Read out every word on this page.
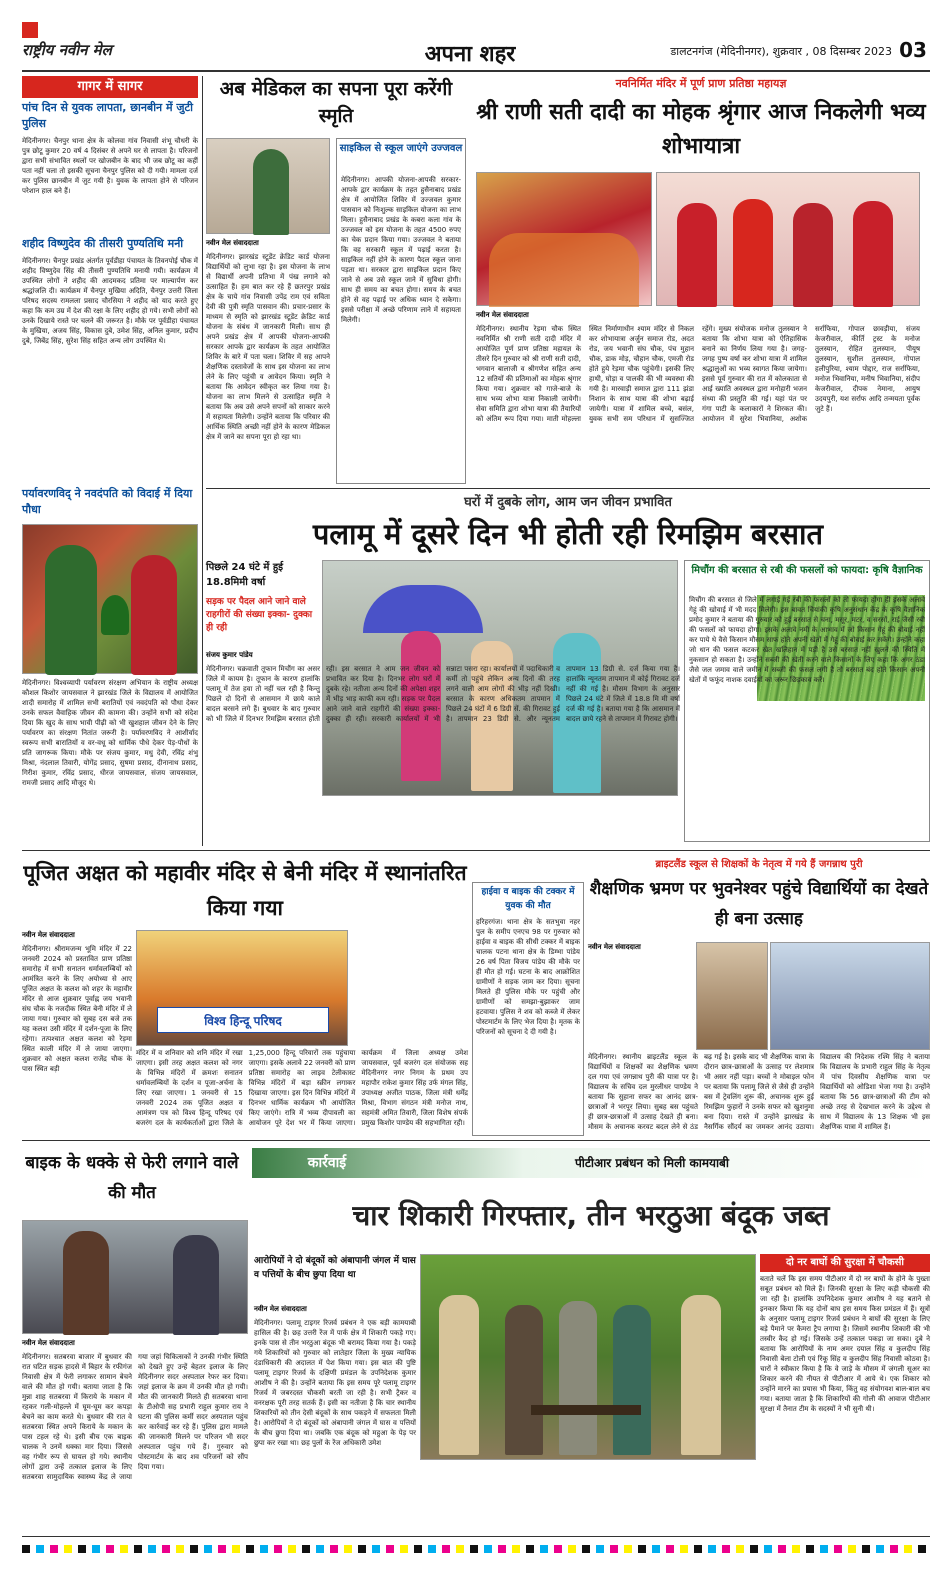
राष्ट्रीय नवीन मेल	अपना शहर	डालटनगंज (मेदिनीनगर), शुक्रवार , 08 दिसम्बर 2023 03
गागर में सागर
पांच दिन से युवक लापता, छानबीन में जुटी पुलिस
मेदिनीनगर। चैनपुर थाना क्षेत्र के कोलवा गांव निवासी शंभू चौधरी के पुत्र छोटू कुमार 20 वर्ष 4 दिसंबर से अपने घर से लापता है। परिजनों द्वारा सभी संभावित स्थलों पर खोजबीन के बाद भी जब छोटू का कहीं पता नहीं चला तो इसकी सूचना चैनपुर पुलिस को दी गयी। मामला दर्ज कर पुलिस छानबीन में जुट गयी है। युवक के लापता होने से परिजन परेशान हाल बने हैं।
शहीद विष्णुदेव की तीसरी पुण्यतिथि मनी
मेदिनीनगर। चैनपुर प्रखंड अंतर्गत पूर्वडीहा पंचायत के तिवनपोई चौक में शहीद विष्णुदेव सिंह की तीसरी पुण्यतिथि मनायी गयी। कार्यक्रम में उपस्थित लोगों ने शहीद की आदमकद प्रतिमा पर माल्यार्पण कर श्रद्धांजलि दी। कार्यक्रम में चैनपुर मुखिया अदिति, चैनपुर उत्तरी जिला परिषद सदस्य रामलला प्रसाद चौरसिया ने शहीद को याद करते हुए कहा कि कम उम्र में देश की रक्षा के लिए शहीद हो गये। सभी लोगों को उनके दिखाये रास्ते पर चलने की जरूरत है। मौके पर पूर्वडीहा पंचायत के मुखिया, अजय सिंह, विकास दुबे, उमेश सिंह, अनिल कुमार, प्रदीप दुबे, जिबेंद्र सिंह, सुरेश सिंह सहित अन्य लोग उपस्थित थे।
पर्यावरणविद् ने नवदंपति को विदाई में दिया पौधा
मेदिनीनगर। विश्वव्यापी पर्यावरण संरक्षण अभियान के राष्ट्रीय अध्यक्ष कौशल किशोर जायसवाल ने झारखंड जिले के विद्यालय में आयोजित शादी समारोह में शामिल सभी बरातियों एवं नवदंपति को पौधा देकर उनके सफल वैवाहिक जीवन की कामना की। उन्होंने सभी को संदेश दिया कि खुद के साथ भावी पीढ़ी को भी खुशहाल जीवन देने के लिए पर्यावरण का संरक्षण नितांत जरूरी है। पर्यावरणविद ने आशीर्वाद स्वरूप सभी बारातियों व वर-वधू को धार्मिक पौधे देकर पेड़-पौधों के प्रति जागरूक किया। मौके पर संजय कुमार, मधु देवी, रविंद्र शंभु मिश्रा, नंदलाल तिवारी, योगेंद्र प्रसाद, सुषमा प्रसाद, दीनानाथ प्रसाद, गिरीश कुमार, रविंद्र प्रसाद, धीरज जायसवाल, संजय जायसवाल, रामजी प्रसाद आदि मौजूद थे।
अब मेडिकल का सपना पूरा करेंगी स्मृति
नवीन मेल संवाददाता
मेदिनीनगर। झारखंड स्टूडेंट क्रेडिट कार्ड योजना विद्यार्थियों को लुभा रहा है। इस योजना के लाभ से विद्यार्थी अपनी प्रतिभा में पंख लगाने को उत्साहित हैं। हम बात कर रहे हैं छतरपुर प्रखंड क्षेत्र के चाये गांव निवासी उपेंद्र राम एवं सविता देवी की पुत्री स्मृति पासवान की। प्रचार-प्रसार के माध्यम से स्मृति को झारखंड स्टूडेंट क्रेडिट कार्ड योजना के संबंध में जानकारी मिली। साथ ही अपने प्रखंड क्षेत्र में आपकी योजना-आपकी सरकार आपके द्वार कार्यक्रम के तहत आयोजित शिविर के बारे में पता चला। शिविर में सह आपने शैक्षणिक दस्तावेजों के साथ इस योजना का लाभ लेने के लिए पहुंची व आवेदन किया। स्मृति ने बताया कि आवेदन स्वीकृत कर लिया गया है। योजना का लाभ मिलने से उत्साहित स्मृति ने बताया कि अब उसे अपने सपनों को साकार करने में सहायता मिलेगी। उन्होंने बताया कि परिवार की आर्थिक स्थिति अच्छी नहीं होने के कारण मेडिकल क्षेत्र में जाने का सपना पूरा हो रहा था।
साइकिल से स्कूल जाएंगे उज्जवल
मेदिनीनगर। आपकी योजना-आपकी सरकार-आपके द्वार कार्यक्रम के तहत हुसैनाबाद प्रखंड क्षेत्र में आयोजित शिविर में उज्जवल कुमार पासवान को निःशुल्क साइकिल योजना का लाभ मिला। हुसैनाबाद प्रखंड के कबरा कला गांव के उज्जवल को इस योजना के तहत 4500 रुपए का चेक प्रदान किया गया। उज्जवल ने बताया कि वह सरकारी स्कूल में पढ़ाई करता है। साइकिल नहीं होने के कारण पैदल स्कूल जाना पड़ता था। सरकार द्वारा साइकिल प्रदान किए जाने से अब उसे स्कूल जाने में सुविधा होगी। साथ ही समय का बचत होगा। समय के बचत होने से वह पढ़ाई पर अधिक ध्यान दे सकेगा। इससे परीक्षा में अच्छे परिणाम लाने में सहायता मिलेगी।
नवनिर्मित मंदिर में पूर्ण प्राण प्रतिष्ठा महायज्ञ
श्री राणी सती दादी का मोहक श्रृंगार आज निकलेगी भव्य शोभायात्रा
नवीन मेल संवाददाता
मेदिनीनगर। स्थानीय रेड़मा चौक स्थित नवनिर्मित श्री राणी सती दादी मंदिर में आयोजित पूर्ण प्राण प्रतिष्ठा महायज्ञ के तीसरे दिन गुरुवार को श्री राणी सती दादी, भगवान बालाजी व श्रीगणेश सहित अन्य 12 सतियों की प्रतिमाओं का मोहक श्रृंगार किया गया। शुक्रवार को गाजे-बाजे के साथ भव्य शोभा यात्रा निकाली जायेगी। सेवा समिति द्वारा शोभा यात्रा की तैयारियों को अंतिम रूप दिया गया। माती मोहल्ला स्थित निर्माणाधीन श्याम मंदिर से निकल कर शोभायात्रा अर्जुन समाज रोड, अदत रोड, जय भवानी संघ चौक, पंच मुहान चौक, डाक मोड़, चौहान चौक, एमजी रोड होते हुये रेड़मा चौक पहुंचेगी। इसकी लिए हाथी, घोड़ा व पालकी की भी व्यवस्था की गयी है। मारवाड़ी समाज द्वारा 111 झंडा निशान के साथ यात्रा की शोभा बढ़ाई जायेगी। यात्रा में शामिल बच्चे, बसंल, युवक सभी सम परिधान में सुसज्जित रहेंगे। मुख्य संयोजक मनोज तुलस्यान ने बताया कि शोभा यात्रा को ऐतिहासिक बनाने का निर्णय लिया गया है। जगह-जगह पुष्प वर्षा कर शोभा यात्रा में शामिल श्रद्धालुओं का भव्य स्वागत किया जायेगा। इससे पूर्व गुरुवार की रात में कोलकाता से आई ख्याति अवस्थल द्वारा मनोहारी भजन संध्या की प्रस्तुति की गई। यहां पंत पर गंगा पाटी के कलाकारों ने शिरकत की। आयोजन में सुरेश भिवानिया, अशोक सर्राफिया, गोपाल छावड़ीया, संजय केजरीवाल, कीर्ति ट्रस्ट के मनोज तुलस्यान, रोहित तुलस्यान, पीयूष तुलस्यान, सुशील तुलस्यान, गोपाल हलीपुरिया, श्याम पोद्दार, राज सर्राफिया, मनोज भिवानिया, मनीष भिवानिया, संदीप केजरीवाल, दीपक नेमाना, आयुष उदयपुरी, यश सर्राफ आदि तन्मयता पूर्वक जुटे हैं।
घरों में दुबके लोग, आम जन जीवन प्रभावित
पलामू में दूसरे दिन भी होती रही रिमझिम बरसात
पिछले 24 घंटे में हुई 18.8मिमी वर्षा
सड़क पर पैदल आने जाने वाले राहगीरों की संख्या इक्का- दुक्का ही रही
संजय कुमार पांडेय
मेदिनीनगर। चक्रवाती तूफान मिचौंग का असर जिले में कायम है। तूफान के कारण हालांकि पलामू में तेज हवा तो नहीं चल रही है किन्तु पिछले दो दिनों से आसमान में छाये काले बादल बरसने लगे हैं। बुधवार के बाद गुरुवार को भी जिले में दिनभर रिमझिम बरसात होती रही। इस बरसात ने आम जन जीवन को प्रभावित कर दिया है। दिनभर लोग घरों में दुबके रहे। नतीजा अन्य दिनों की अपेक्षा शहर में भीड़ भाड़ काफी कम रही। सड़क पर पैदल आने जाने वाले राहगीरों की संख्या इक्का-दुक्का ही रही। सरकारी कार्यालयों में भी सन्नाटा पसरा रहा। कार्यालयों में पदाधिकारी व कर्मी तो पहुंचे लेकिन अन्य दिनों की तरह लगने वाली आम लोगों की भीड़ नहीं दिखी। बरसात के कारण अधिकतम तापमान में पिछले 24 घंटों में 6 डिग्री सें. की गिरावट हुई है। तापमान 23 डिग्री से. और न्यूनतम तापमान 13 डिग्री से. दर्ज किया गया है। हालांकि न्यूनतम तापमान में कोई गिरावट दर्ज नहीं की गई है। मौसम विभाग के अनुसार पिछले 24 घंटे में जिले में 18.8 मि मी वर्षा दर्ज की गई है। बताया गया है कि आसमान में बादल छाये रहने से तापमान में गिरावट होगी।
मिचौंग की बरसात से रबी की फसलों को फायदा: कृषि वैज्ञानिक
मिचौंग की बरसात से जिले में लगाई गई रबी की फसलों को तो फायदा होगा ही इसके अलावे गेहूं की खोवाई में भी मदद मिलेगी। इस बावत चियांकी कृषि अनुसंधान केंद्र के कृषि वैज्ञानिक प्रमोद कुमार ने बताया की गुरुवार को हुई बरसात से चना, मसूर, मटर, व सरसों, राई जैसी रबी की फसलों को फायदा होगा। इसके अलावे नमी के आभाव में जो किसान गेहूं की बोवाई नहीं कर पाये थे वैसे किसान मौसम साफ होते अपनी खेतों में गेहूं की बोवाई कर सकेंगे। उन्होंने कहा जो धान की फसल कटकर खेत खलिहान में पड़ी है उसे बरसात नहीं खुलने की स्थिति में नुकसान हो सकता है। उन्होंने सब्जी की खेती करने वाले किसानों के लिए कहा कि अगर ठंडा जैसे जल जमाव वाले जमीन में सब्जी की फसल लगी है तो बरसात बंद होते किसान अपनी खेतों में फफूंद नाशक दवाईयों का जरूर छिड़काव करें।
पूजित अक्षत को महावीर मंदिर से बेनी मंदिर में स्थानांतरित किया गया
नवीन मेल संवाददाता
मेदिनीनगर। श्रीरामजन्म भूमि मंदिर में 22 जनवरी 2024 को प्रस्तावित प्राण प्रतिष्ठा समारोह में सभी सनातन धर्मावलम्बियों को आमंत्रित करने के लिए अयोध्या से आए पूजित अक्षत के कलश को शहर के महावीर मंदिर से आज शुक्रवार पूर्वाह्न जय भवानी संघ चौक के नजदीक स्थित बेनी मंदिर में ले जाया गया। गुरुवार को सुबह दस बजे तक यह कलश उसी मंदिर में दर्शन-पूजा के लिए रहेगा। तत्पश्चात अक्षत कलश को रेड़मा स्थित काली मंदिर में ले जाया जाएगा। शुक्रवार को अक्षत कलश राजेंद्र चौक के पास स्थित बड़ी
विश्व हिन्दू परिषद
मंदिर में व शनिवार को शनि मंदिर में रखा जाएगा। इसी तरह अक्षत कलश को नगर के विभिन्न मंदिरों में क्रमशः सनातन धर्मावलम्बियों के दर्शन व पूजा-अर्चना के लिए रखा जाएगा। 1 जनवरी से 15 जनवरी 2024 तक पूजित अक्षत व आमंत्रण पत्र को विश्व हिन्दू परिषद एवं बजरंग दल के कार्यकर्ताओं द्वारा जिले के 1,25,000 हिन्दू परिवारों तक पहुंचाया जाएगा। इसके अलावे 22 जनवरी को प्राण प्रतिष्ठा समारोह का लाइव टेलीकास्ट विभिन्न मंदिरों में बड़ा स्क्रीन लगाकर दिखाया जाएगा। इस दिन विभिन्न मंदिरों में दिनभर धार्मिक कार्यक्रम भी आयोजित किए जाएंगे। रात्रि में भव्य दीपावली का आयोजन पूरे देश भर में किया जाएगा। कार्यक्रम में जिला अध्यक्ष उमेश जायसवाल, पूर्व बजरंग दल संयोजक सह मेदिनीनगर नगर निगम के प्रथम उप महापौर राकेश कुमार सिंह उर्फ मंगल सिंह, उपाध्यक्ष अजीत पाठक, जिला मंत्री धर्मेंद्र मिश्रा, विभाग संगठन मंत्री मनोज नाथ, सहमंत्री अमित तिवारी, जिला विशेष संपर्क प्रमुख किशोर पाण्डेय की सहभागिता रही।
हाईवा व बाइक की टक्कर में युवक की मौत
हरिहरगंज। थाना क्षेत्र के सतभुवा नहर पुल के समीप एनएच 98 पर गुरुवार को हाईवा व बाइक की सीधी टक्कर में बाइक चालक पटना थाना क्षेत्र के डिम्भा पांडेय 26 वर्ष पिता विजय पांडेय की मौके पर ही मौत हो गई। घटना के बाद आक्रोशित ग्रामीणों ने सड़क जाम कर दिया। सूचना मिलते ही पुलिस मौके पर पहुंची और ग्रामीणों को समझा-बुझाकर जाम हटवाया। पुलिस ने शव को कब्जे में लेकर पोस्टमार्टम के लिए भेज दिया है। मृतक के परिजनों को सूचना दे दी गयी है।
ब्राइटलैंड स्कूल से शिक्षकों के नेतृत्व में गये हैं जगन्नाथ पुरी
शैक्षणिक भ्रमण पर भुवनेश्वर पहुंचे विद्यार्थियों का देखते ही बना उत्साह
नवीन मेल संवाददाता
मेदिनीनगर। स्थानीय ब्राइटलैंड स्कूल के विद्यार्थियों व शिक्षकों का शैक्षणिक भ्रमण दल गया एवं जगन्नाथ पुरी की यात्रा पर है। विद्यालय के सचिव दल मुरलीधर पाण्डेय ने बताया कि सुहाना सफर का आनंद छात्र-छात्राओं ने भरपूर लिया। सुबह बस पहुंचते ही छात्र-छात्राओं में उत्साह देखते ही बना। मौसम के अचानक करवट बदल लेने से ठंड बढ़ गई है। इसके बाद भी शैक्षणिक यात्रा के दौरान छात्र-छात्राओं के उत्साह पर लेशमात्र भी असर नहीं पड़ा। बच्चों ने मोबाइल फोन पर बताया कि पलामू जिले से जैसे ही उन्होंने बस में ट्रेवलिंग शुरू की, अचानक शुरू हुई रिमझिम फुहारों ने उनके सफर को खुशनुमा बना दिया। रास्ते में उन्होंने झारखंड के नैसर्गिक सौंदर्य का जमकर आनंद उठाया। विद्यालय की निदेशक रश्मि सिंह ने बताया कि विद्यालय के प्रभारी राहुल सिंह के नेतृत्व में पांच दिवसीय शैक्षणिक यात्रा पर विद्यार्थियों को ओडिशा भेजा गया है। उन्होंने बताया कि 56 छात्र-छात्राओं की टीम को अच्छे तरह से देखभाल करने के उद्देश्य से साथ में विद्यालय के 13 शिक्षक भी इस शैक्षणिक यात्रा में शामिल हैं।
बाइक के धक्के से फेरी लगाने वाले की मौत
नवीन मेल संवाददाता
मेदिनीनगर। सतबरवा बाजार में बुधवार की रात घटित सड़क हादसे में बिहार के रफीगंज निवासी क्षेत्र में फेरी लगाकर सामान बेचने वाले की मौत हो गयी। बताया जाता है कि मुन्ना शाह सतबरवा में किराये के मकान में रहकर गली-मोहल्ले में घूम-घूम कर कपड़ा बेचने का काम करते थे। बुधवार की रात वे सतबरवा स्थित अपने किराये के मकान के पास टहल रहे थे। इसी बीच एक बाइक चालक ने उनमें धक्का मार दिया। जिससे वह गंभीर रूप से घायल हो गये। स्थानीय लोगों द्वारा उन्हें तत्काल इलाज के लिए सतबरवा सामुदायिक स्वास्थ्य केंद्र ले जाया गया जहां चिकित्सकों ने उनकी गंभीर स्थिति को देखते हुए उन्हें बेहतर इलाज के लिए मेदिनीनगर सदर अस्पताल रेफर कर दिया। जहां इलाज के क्रम में उनकी मौत हो गयी। मौत की जानकारी मिलते ही सतबरवा थाना के टीओपी सह प्रभारी राहुल कुमार राय ने घटना की पुलिस कर्मी सदर अस्पताल पहुंच कर कार्रवाई कर रहे हैं। पुलिस द्वारा मामले की जानकारी मिलने पर परिजन भी सदर अस्पताल पहुंच गये हैं। गुरुवार को पोस्टमार्टम के बाद शव परिजनों को सौंप दिया गया।
कार्रवाई	पीटीआर प्रबंधन को मिली कामयाबी
चार शिकारी गिरफ्तार, तीन भरठुआ बंदूक जब्त
आरोपियों ने दो बंदूकों को अंबापानी जंगल में घास व पत्तियों के बीच छुपा दिया था
नवीन मेल संवाददाता
मेदिनीनगर। पलामू टाइगर रिजर्व प्रबंधन ने एक बड़ी कामयाबी हासिल की है। छह उत्तरी रेंज में पार्क क्षेत्र में शिकारी पकड़े गए। इनके पास से तीन भरठुआ बंदूक भी बरामद किया गया है। पकड़े गये शिकारियों को गुरुवार को लातेहार जिला के मुख्य न्यायिक दंडाधिकारी की अदालत में पेश किया गया। इस बात की पुष्टि पलामू टाइगर रिजर्व के दक्षिणी प्रमंडल के उपनिदेशक कुमार आशीष ने की है। उन्होंने बताया कि इस समय पूरे पलामू टाइगर रिजर्व में जबरदस्त चौकसी बरती जा रही है। सभी ट्रैकर व वनरक्षक पूरी तरह सतर्क हैं। इसी का नतीजा है कि चार स्थानीय शिकारियों को तीन देसी बंदूकों के साथ पकड़ने में सफलता मिली है। आरोपियों ने दो बंदूकों को अंबापानी जंगल में घास व पत्तियों के बीच छुपा दिया था। जबकि एक बंदूक को महुआ के पेड़ पर छुपा कर रखा था। छह पुलों के रेंज अधिकारी उमेश
दो नर बाघों की सुरक्षा में चौकसी
बताते चलें कि इस समय पीटीआर में दो नर बाघों के होने के पुख्ता सबूत प्रबंधन को मिले हैं। जिनकी सुरक्षा के लिए कड़ी चौकसी की जा रही है। हालांकि उपनिदेशक कुमार आशीष ने यह बताने से इनकार किया कि यह दोनों बाघ इस समय किस प्रमंडल में हैं। सूत्रों के अनुसार पलामू टाइगर रिजर्व प्रबंधन ने बाघों की सुरक्षा के लिए बड़े पैमाने पर कैमरा ट्रैप लगाया है। जिसमें स्थानीय शिकारी की भी तस्वीर कैद हो गई। जिसके उन्हें तत्काल पकड़ा जा सका। दुबे ने बताया कि आरोपियों के नाम अमर दयाल सिंह व कुलदीप सिंह निवासी बेला टोली एवं रिंकू सिंह व कुलदीप सिंह निवासी कोठवा है। चारों ने स्वीकार किया है कि वे जाड़े के मौसम में जंगली सूअर का शिकार करने की नीयत से पीटीआर में आये थे। एक शिकार को उन्होंने मारने का प्रयास भी किया, किंतु वह संयोगवश बाल-बाल बच गया। बताया जाता है कि शिकारियों की गोली की आवाज पीटीआर सुरक्षा में तैनात टीम के सदस्यों ने भी सुनी थी।
